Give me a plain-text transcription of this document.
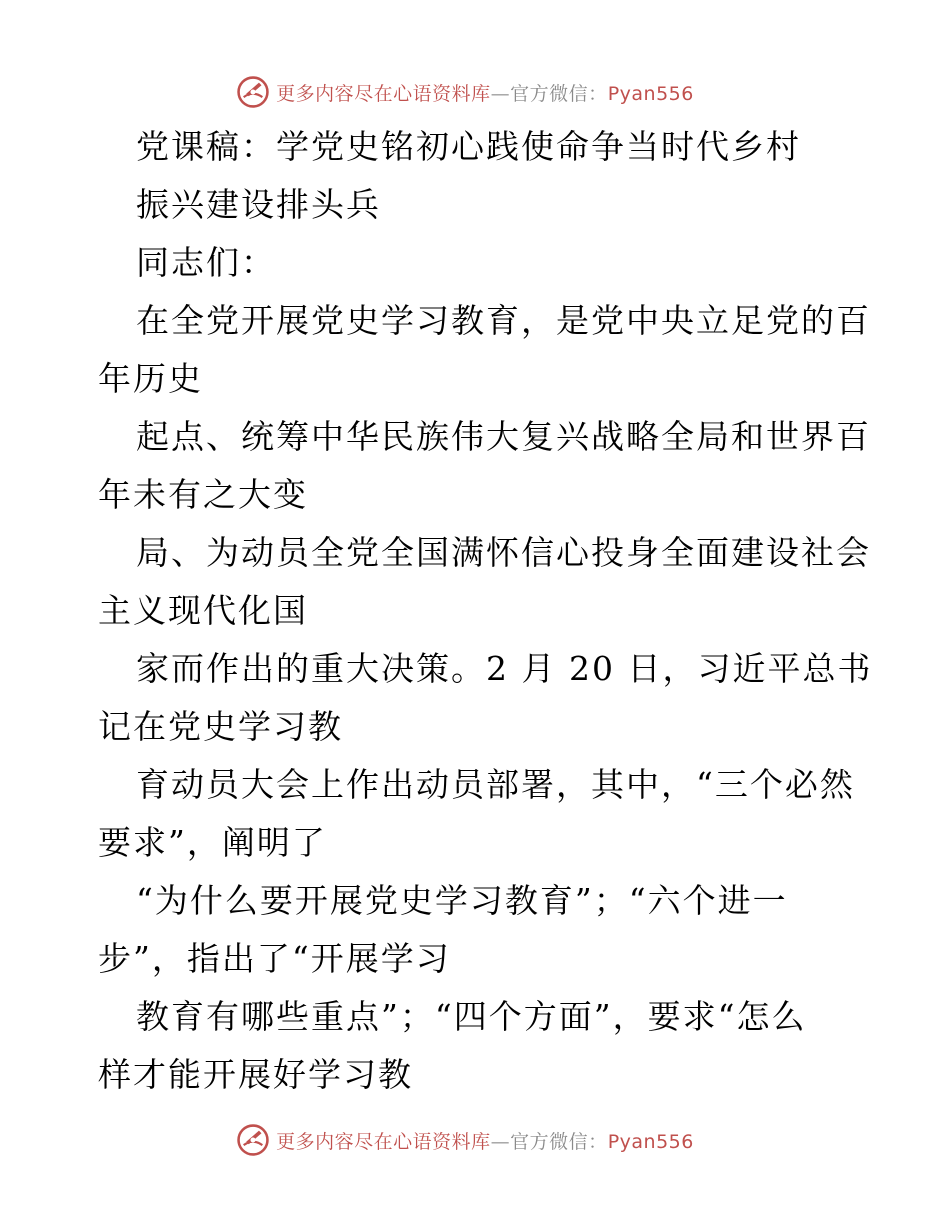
更多内容尽在心语资料库—官方微信：Pyan556
党课稿：学党史铭初心践使命争当时代乡村
振兴建设排头兵
同志们：
在全党开展党史学习教育，是党中央立足党的百
年历史
起点、统筹中华民族伟大复兴战略全局和世界百
年未有之大变
局、为动员全党全国满怀信心投身全面建设社会
主义现代化国
家而作出的重大决策。2 月 20 日，习近平总书
记在党史学习教
育动员大会上作出动员部署，其中，“三个必然
要求”，阐明了
“为什么要开展党史学习教育”；“六个进一
步”，指出了“开展学习
教育有哪些重点”；“四个方面”，要求“怎么
样才能开展好学习教
更多内容尽在心语资料库—官方微信：Pyan556
